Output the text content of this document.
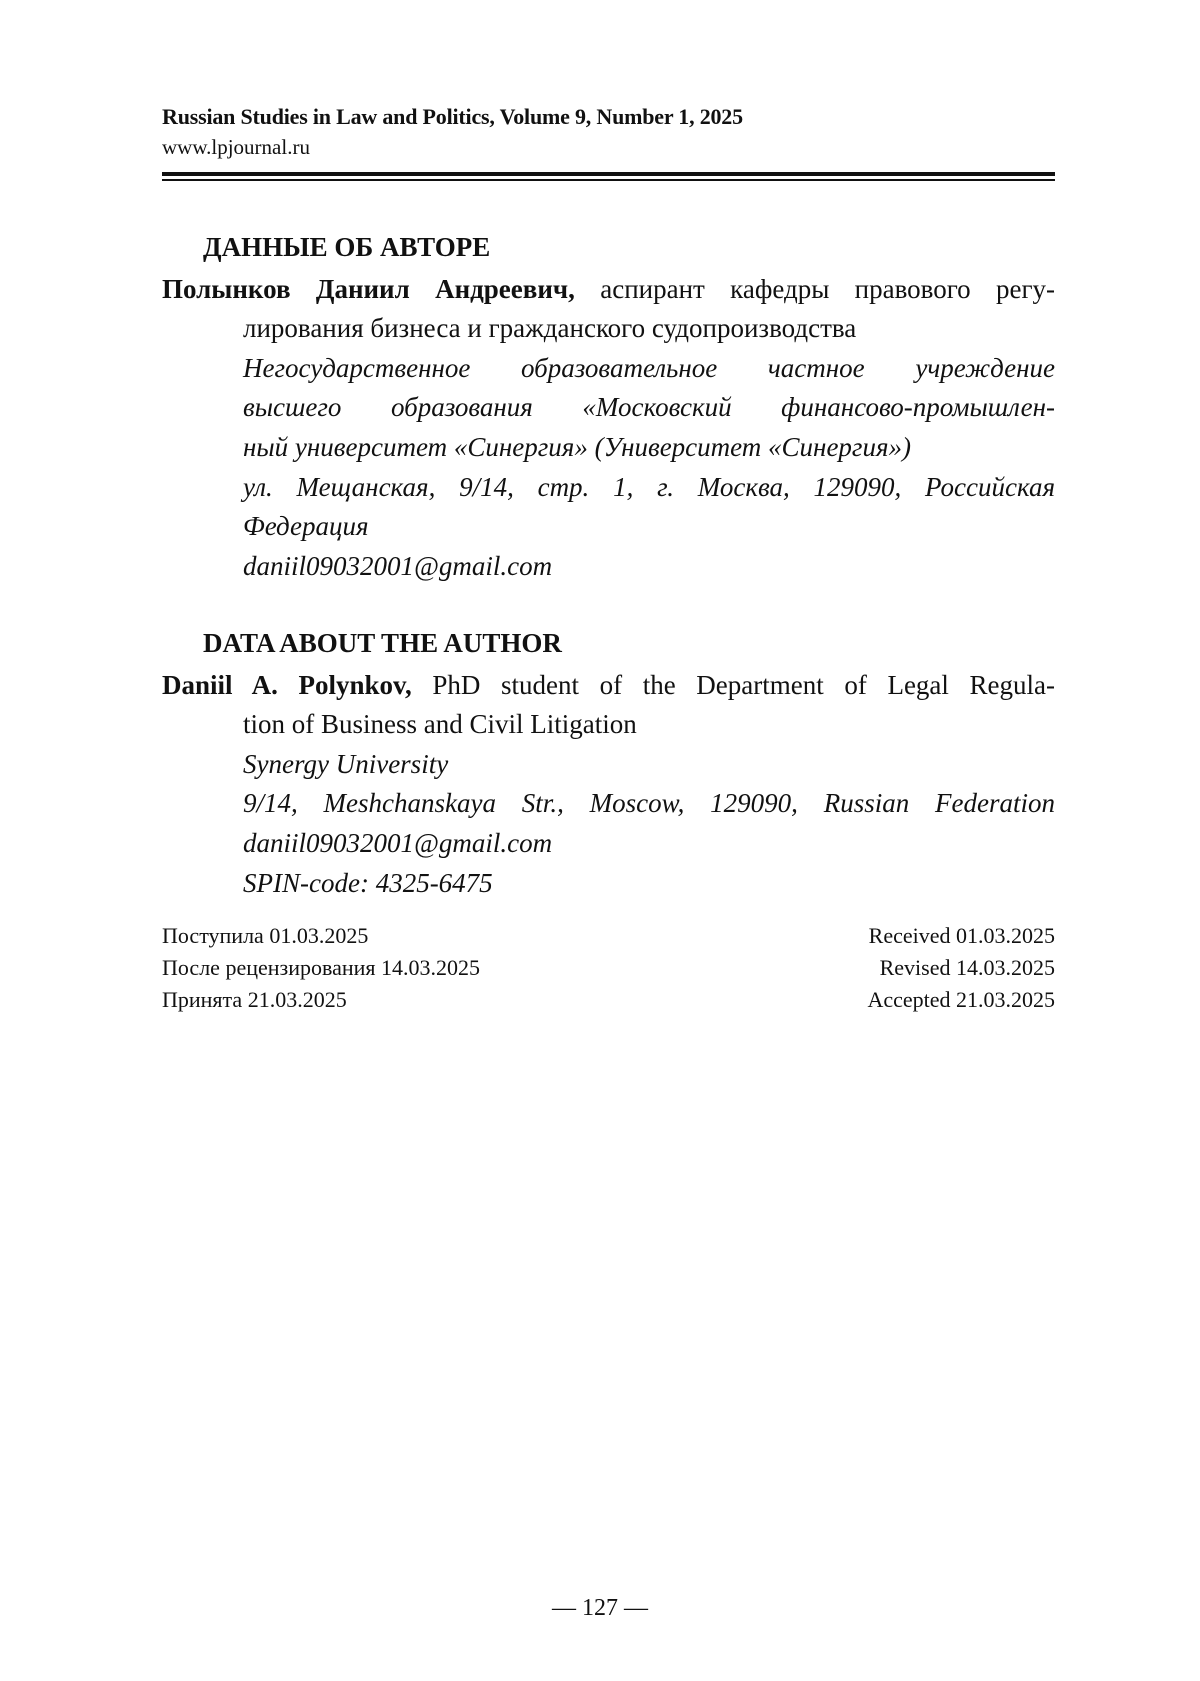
Russian Studies in Law and Politics, Volume 9, Number 1, 2025
www.lpjournal.ru
ДАННЫЕ ОБ АВТОРЕ
Полынков Даниил Андреевич, аспирант кафедры правового регу-
лирования бизнеса и гражданского судопроизводства
Негосударственное образовательное частное учреждение
высшего образования «Московский финансово-промышлен-
ный университет «Синергия» (Университет «Синергия»)
ул. Мещанская, 9/14, стр. 1, г. Москва, 129090, Российская
Федерация
daniil09032001@gmail.com
DATA ABOUT THE AUTHOR
Daniil A. Polynkov, PhD student of the Department of Legal Regula-
tion of Business and Civil Litigation
Synergy University
9/14, Meshchanskaya Str., Moscow, 129090, Russian Federation
daniil09032001@gmail.com
SPIN-code: 4325-6475
Поступила 01.03.2025	Received 01.03.2025
После рецензирования 14.03.2025	Revised 14.03.2025
Принята 21.03.2025	Accepted 21.03.2025
— 127 —
